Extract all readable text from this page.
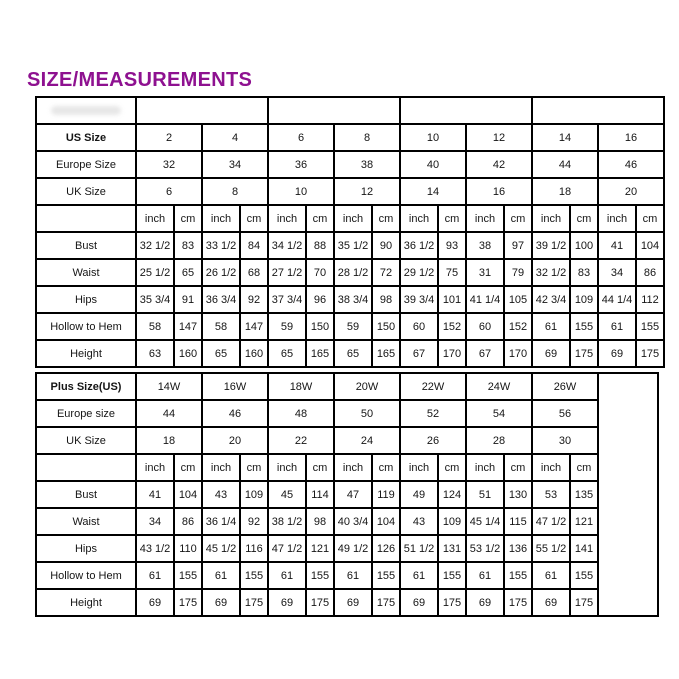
SIZE/MEASUREMENTS

US Size	2		4		6		8		10		12		14		16	
Europe Size	32		34		36		38		40		42		44		46	
UK Size	6		8		10		12		14		16		18		20	
	inch	cm	inch	cm	inch	cm	inch	cm	inch	cm	inch	cm	inch	cm	inch	cm
Bust	32 1/2	83	33 1/2	84	34 1/2	88	35 1/2	90	36 1/2	93	38	97	39 1/2	100	41	104
Waist	25 1/2	65	26 1/2	68	27 1/2	70	28 1/2	72	29 1/2	75	31	79	32 1/2	83	34	86
Hips	35 3/4	91	36 3/4	92	37 3/4	96	38 3/4	98	39 3/4	101	41 1/4	105	42 3/4	109	44 1/4	112
Hollow to Hem	58	147	58	147	59	150	59	150	60	152	60	152	61	155	61	155
Height	63	160	65	160	65	165	65	165	67	170	67	170	69	175	69	175
Plus Size(US)	14W		16W		18W		20W		22W		24W		26W		
Europe size	44		46		48		50		52		54		56		
UK Size	18		20		22		24		26		28		30		
	inch	cm	inch	cm	inch	cm	inch	cm	inch	cm	inch	cm	inch	cm	
Bust	41	104	43	109	45	114	47	119	49	124	51	130	53	135	
Waist	34	86	36 1/4	92	38 1/2	98	40 3/4	104	43	109	45 1/4	115	47 1/2	121	
Hips	43 1/2	110	45 1/2	116	47 1/2	121	49 1/2	126	51 1/2	131	53 1/2	136	55 1/2	141	
Hollow to Hem	61	155	61	155	61	155	61	155	61	155	61	155	61	155	
Height	69	175	69	175	69	175	69	175	69	175	69	175	69	175	
